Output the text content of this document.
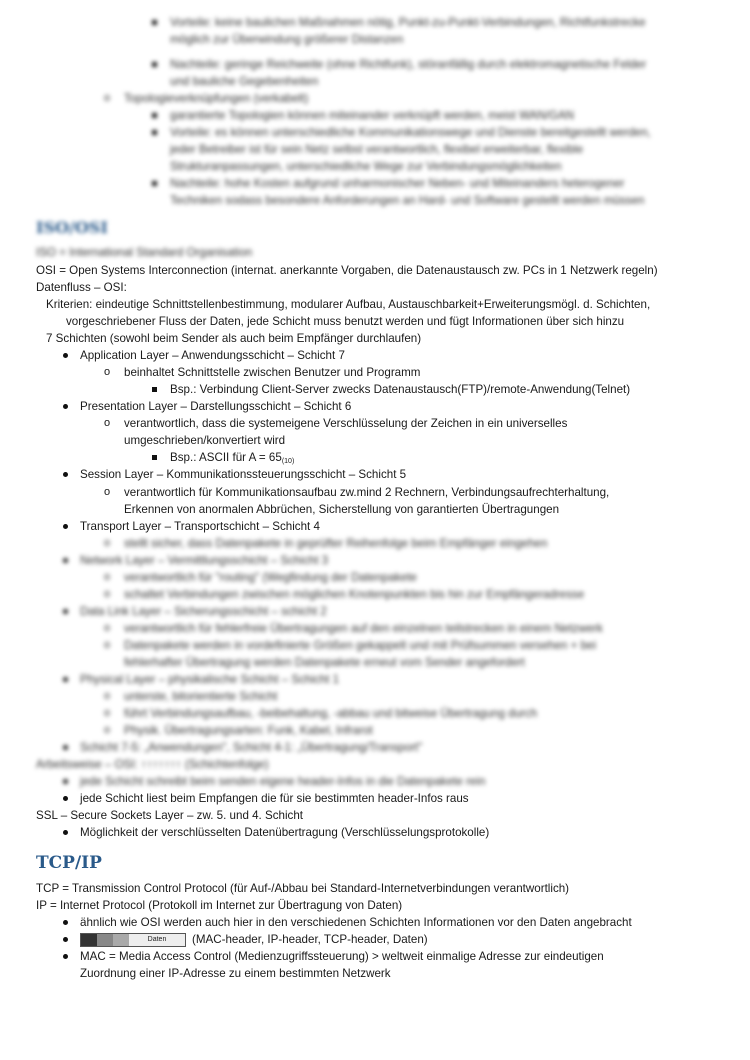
Vorteile: keine baulichen Maßnahmen nötig, Punkt-zu-Punkt-Verbindungen, Richtfunkstrecke
möglich zur Überwindung größerer Distanzen
Nachteile: geringe Reichweite (ohne Richtfunk), störanfällig durch elektromagnetische Felder
und bauliche Gegebenheiten
o Topologieverknüpfungen (verkabelt)
garantierte Topologien können miteinander verknüpft werden, meist WAN/GAN
Vorteile: es können unterschiedliche Kommunikationswege und Dienste bereitgestellt werden,
jeder Betreiber ist für sein Netz selbst verantwortlich, flexibel erweiterbar, flexible
Strukturanpassungen, unterschiedliche Wege zur Verbindungsmöglichkeiten
Nachteile: hohe Kosten aufgrund unharmonischer Neben- und Miteinanders heterogener
Techniken sodass besondere Anforderungen an Hard- und Software gestellt werden müssen
ISO/OSI
ISO = International Standard Organisation
OSI = Open Systems Interconnection (internat. anerkannte Vorgaben, die Datenaustausch zw. PCs in 1 Netzwerk regeln)
Datenfluss – OSI:
Kriterien: eindeutige Schnittstellenbestimmung, modularer Aufbau, Austauschbarkeit+Erweiterungsmögl. d. Schichten,
vorgeschriebener Fluss der Daten, jede Schicht muss benutzt werden und fügt Informationen über sich hinzu
7 Schichten (sowohl beim Sender als auch beim Empfänger durchlaufen)
Application Layer – Anwendungsschicht – Schicht 7
o beinhaltet Schnittstelle zwischen Benutzer und Programm
Bsp.: Verbindung Client-Server zwecks Datenaustausch(FTP)/remote-Anwendung(Telnet)
Presentation Layer – Darstellungsschicht – Schicht 6
o verantwortlich, dass die systemeigene Verschlüsselung der Zeichen in ein universelles
umgeschrieben/konvertiert wird
Bsp.: ASCII für $A = 65_{(10)}$
Session Layer – Kommunikationssteuerungsschicht – Schicht 5
o verantwortlich für Kommunikationsaufbau zw.mind 2 Rechnern, Verbindungsaufrechterhaltung,
Erkennen von anormalen Abbrüchen, Sicherstellung von garantierten Übertragungen
Transport Layer – Transportschicht – Schicht 4
o stellt sicher, dass Datenpakete in geprüfter Reihenfolge beim Empfänger eingehen
Network Layer – Vermittlungsschicht – Schicht 3
o verantwortlich für "routing" (Wegfindung der Datenpakete
o schaltet Verbindungen zwischen möglichen Knotenpunkten bis hin zur Empfängeradresse
Data Link Layer – Sicherungsschicht – schicht 2
o verantwortlich für fehlerfreie Übertragungen auf den einzelnen teilstrecken in einem Netzwerk
o Datenpakete werden in vordefinierte Größen gekappelt und mit Prüfsummen versehen + bei
fehlerhafter Übertragung werden Datenpakete erneut vom Sender angefordert
Physical Layer – physikalische Schicht – Schicht 1
o unterste, bitorientierte Schicht
o führt Verbindungsaufbau, -beibehaltung, -abbau und bitweise Übertragung durch
o Physik. Übertragungsarten: Funk, Kabel, Infrarot
Schicht 7-5: „Anwendungen", Schicht 4-1: „Übertragung/Transport"
Arbeitsweise – OSI: ↑↑↑↑↑↑↑ (Schichtenfolge)
jede Schicht schreibt beim senden eigene header-Infos in die Datenpakete rein
jede Schicht liest beim Empfangen die für sie bestimmten header-Infos raus
SSL – Secure Sockets Layer – zw. 5. und 4. Schicht
Möglichkeit der verschlüsselten Datenübertragung (Verschlüsselungsprotokolle)
TCP/IP
TCP = Transmission Control Protocol (für Auf-/Abbau bei Standard-Internetverbindungen verantwortlich)
IP = Internet Protocol (Protokoll im Internet zur Übertragung von Daten)
ähnlich wie OSI werden auch hier in den verschiedenen Schichten Informationen vor den Daten angebracht
Daten	(MAC-header, IP-header, TCP-header, Daten)
MAC = Media Access Control (Medienzugriffssteuerung) > weltweit einmalige Adresse zur eindeutigen
Zuordnung einer IP-Adresse zu einem bestimmten Netzwerk
